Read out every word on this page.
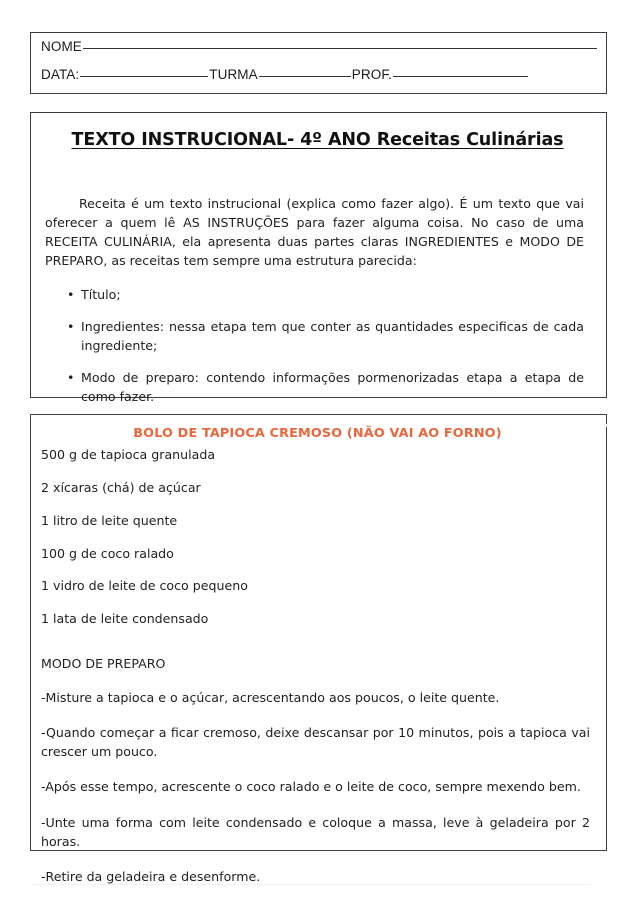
NOME
DATA:	TURMA	PROF.
TEXTO INSTRUCIONAL- 4º ANO Receitas Culinárias

Receita é um texto instrucional (explica como fazer algo). É um texto que vai oferecer a quem lê AS INSTRUÇÕES para fazer alguma coisa. No caso de uma RECEITA CULINÁRIA, ela apresenta duas partes claras INGREDIENTES e MODO DE PREPARO, as receitas tem sempre uma estrutura parecida:

• Título;
• Ingredientes: nessa etapa tem que conter as quantidades especificas de cada ingrediente;
• Modo de preparo: contendo informações pormenorizadas etapa a etapa de como fazer.
BOLO DE TAPIOCA CREMOSO (NÃO VAI AO FORNO)
500 g de tapioca granulada
2 xícaras (chá) de açúcar
1 litro de leite quente
100 g de coco ralado
1 vidro de leite de coco pequeno
1 lata de leite condensado

MODO DE PREPARO

-Misture a tapioca e o açúcar, acrescentando aos poucos, o leite quente.
-Quando começar a ficar cremoso, deixe descansar por 10 minutos, pois a tapioca vai crescer um pouco.
-Após esse tempo, acrescente o coco ralado e o leite de coco, sempre mexendo bem.
-Unte uma forma com leite condensado e coloque a massa, leve à geladeira por 2 horas.
-Retire da geladeira e desenforme.
